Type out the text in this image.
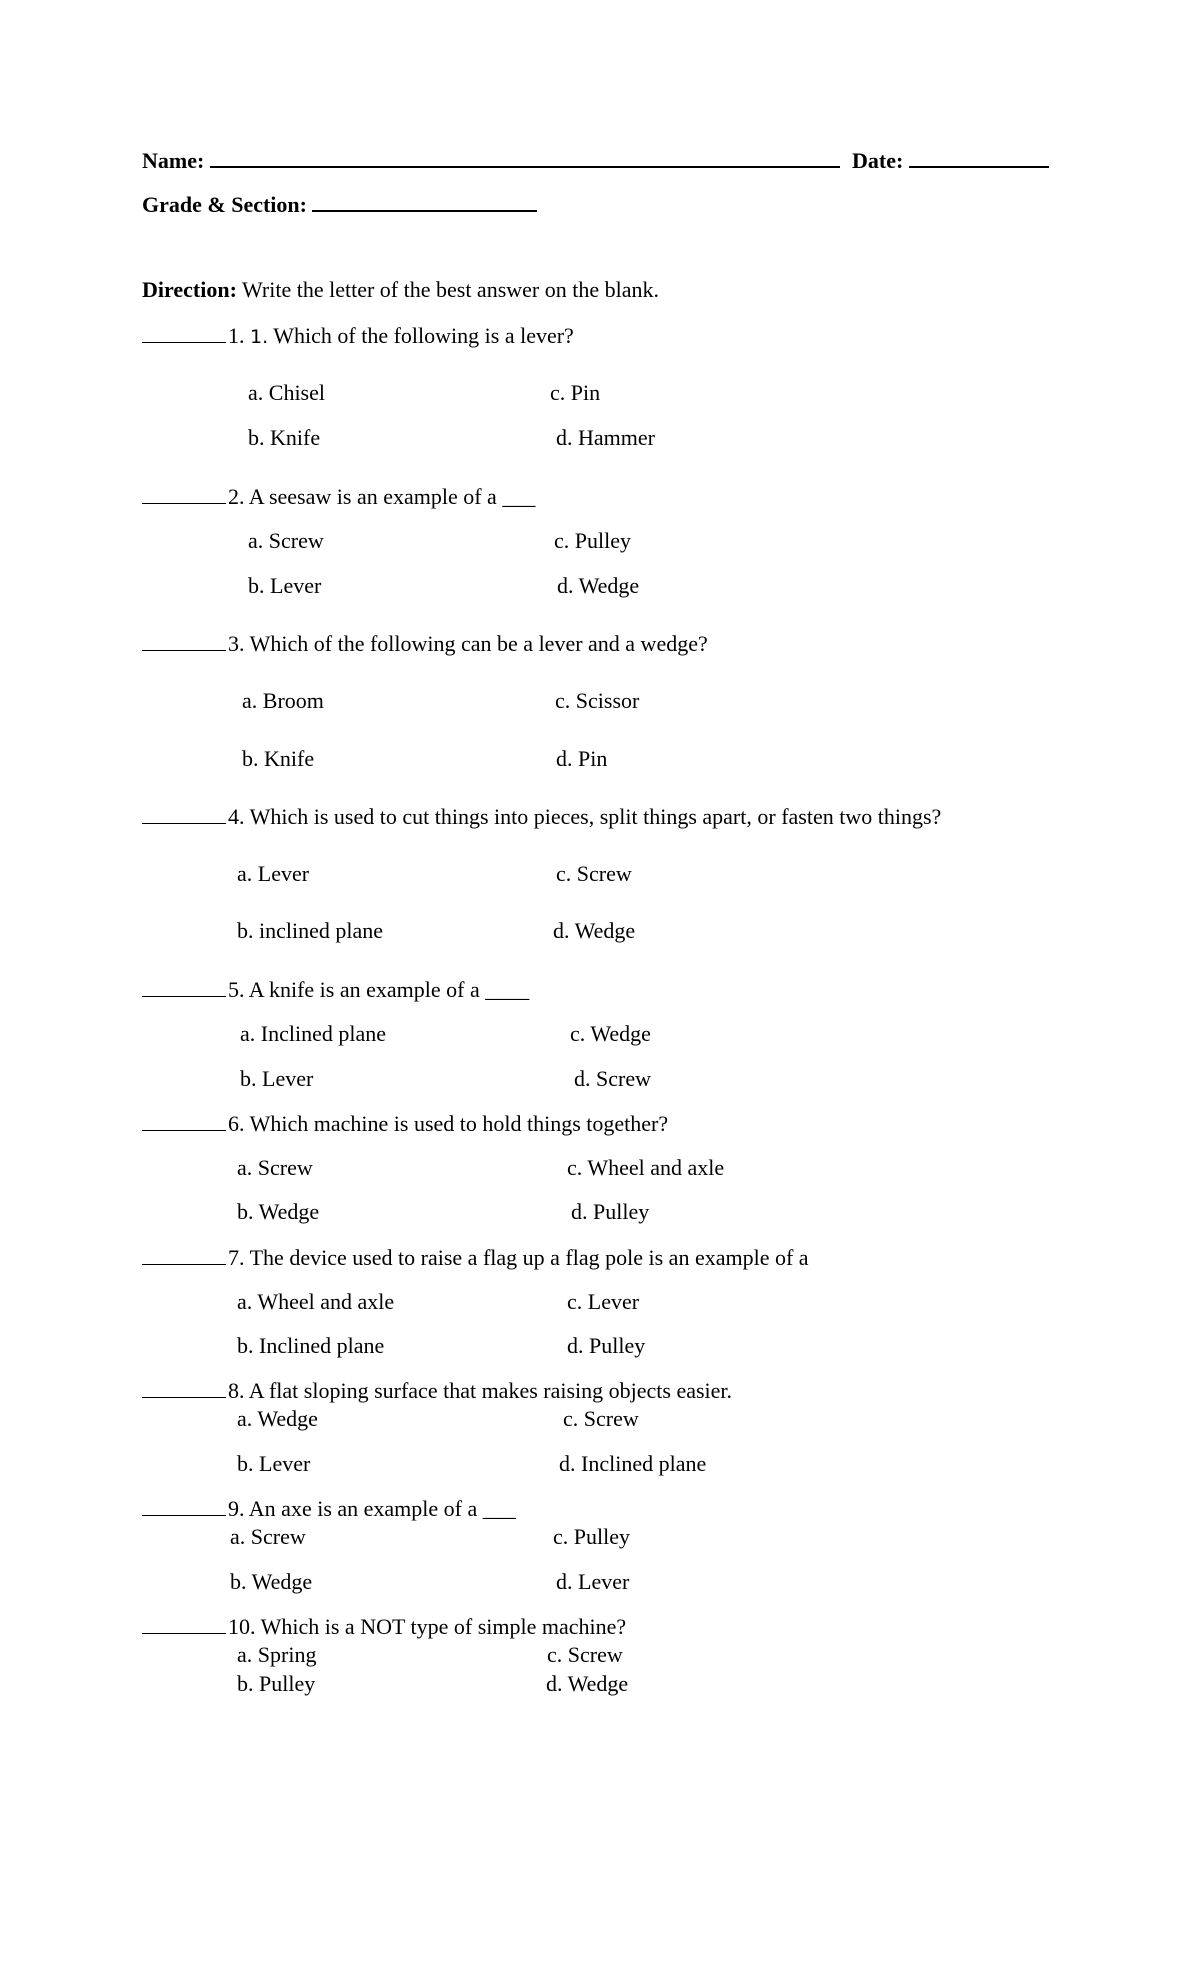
Name:	Date:
Grade & Section:
Direction: Write the letter of the best answer on the blank.
1. 1. Which of the following is a lever?
a. Chisel	c. Pin
b. Knife	d. Hammer
2. A seesaw is an example of a ___
a. Screw	c. Pulley
b. Lever	d. Wedge
3. Which of the following can be a lever and a wedge?
a. Broom	c. Scissor
b. Knife	d. Pin
4. Which is used to cut things into pieces, split things apart, or fasten two things?
a. Lever	c. Screw
b. inclined plane	d. Wedge
5. A knife is an example of a ____
a. Inclined plane	c. Wedge
b. Lever	d. Screw
6. Which machine is used to hold things together?
a. Screw	c. Wheel and axle
b. Wedge	d. Pulley
7. The device used to raise a flag up a flag pole is an example of a
a. Wheel and axle	c. Lever
b. Inclined plane	d. Pulley
8. A flat sloping surface that makes raising objects easier.
a. Wedge	c. Screw
b. Lever	d. Inclined plane
9. An axe is an example of a ___
a. Screw	c. Pulley
b. Wedge	d. Lever
10. Which is a NOT type of simple machine?
a. Spring	c. Screw
b. Pulley	d. Wedge
